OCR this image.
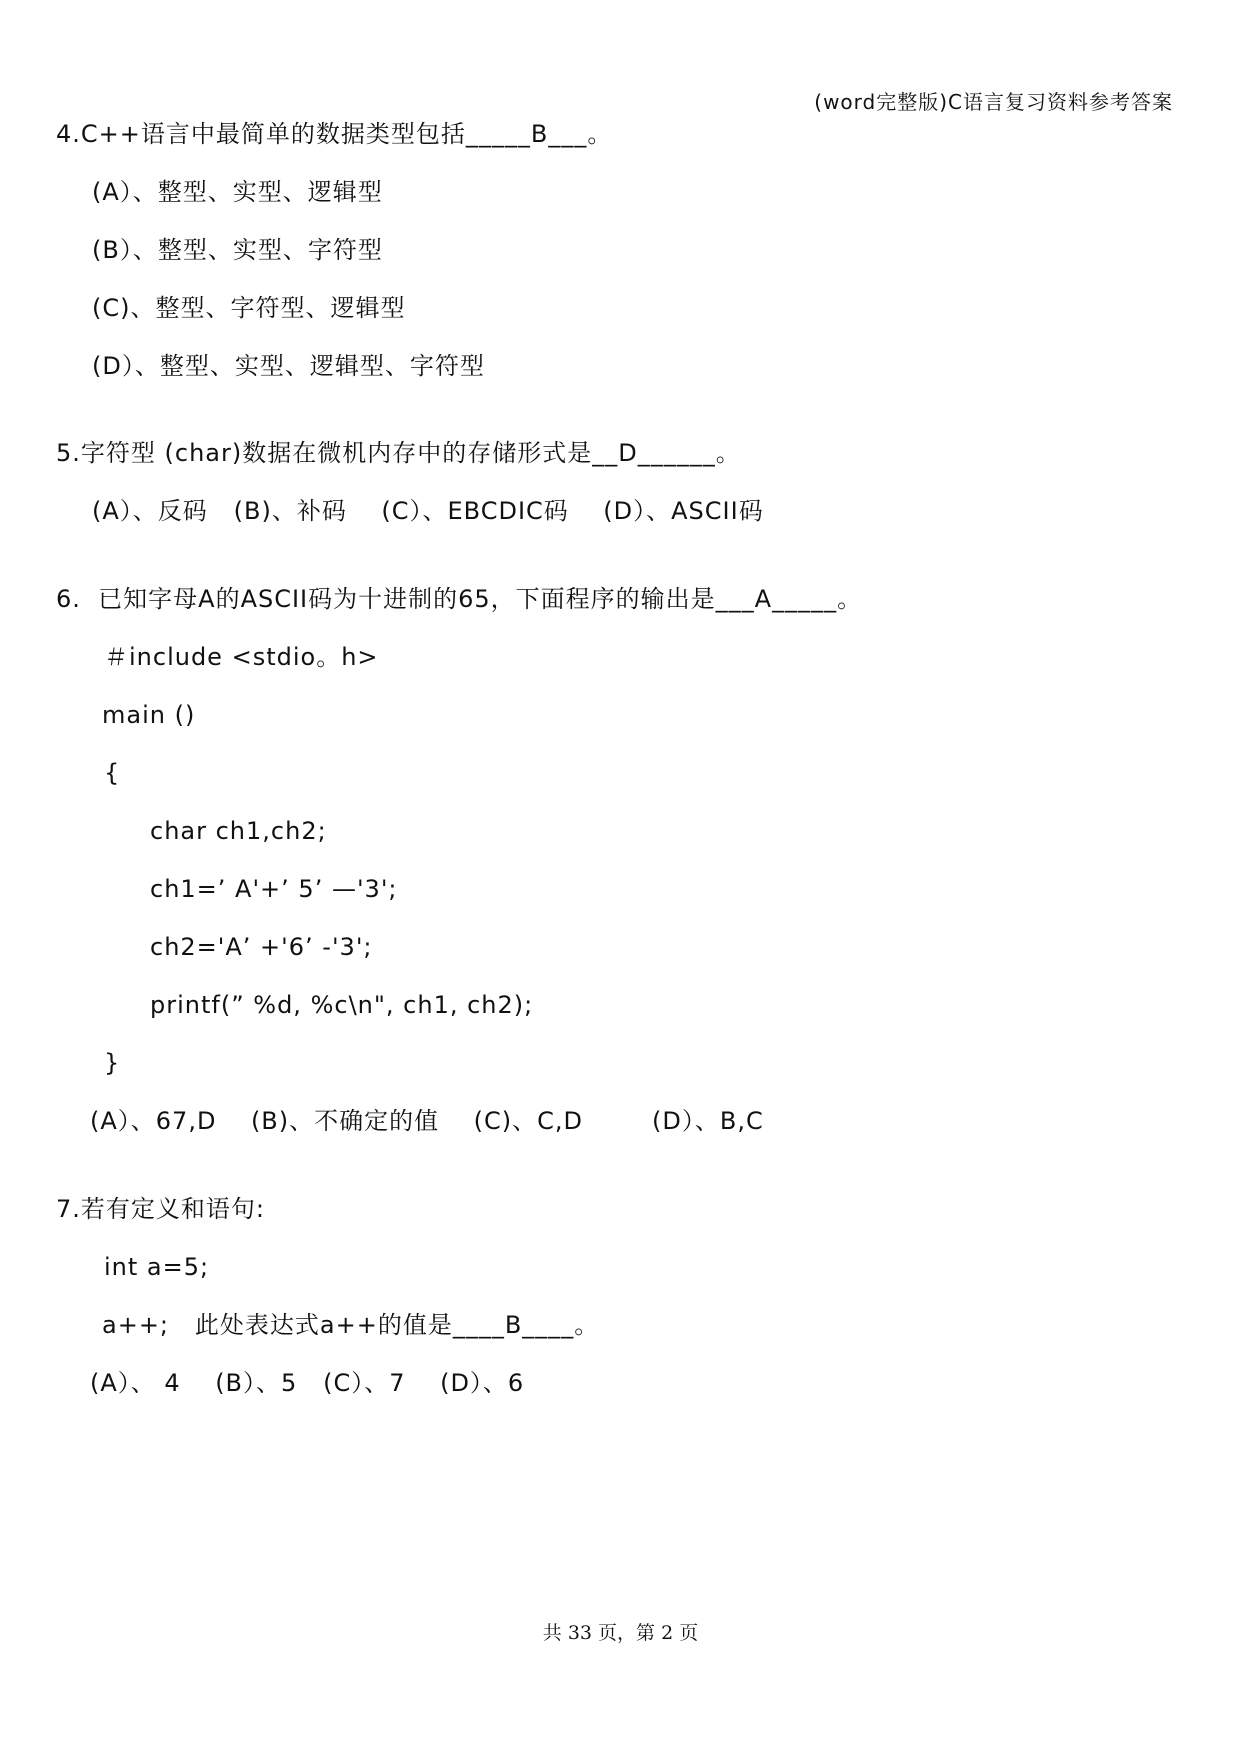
(word完整版)C语言复习资料参考答案
4.C++语言中最简单的数据类型包括_____B___。
(A）、整型、实型、逻辑型
(B）、整型、实型、字符型
(C)、整型、字符型、逻辑型
(D）、整型、实型、逻辑型、字符型
5.字符型 (char)数据在微机内存中的存储形式是__D______。
(A）、反码   (B)、补码    (C）、EBCDIC码    (D）、ASCII码
6.  已知字母A的ASCII码为十进制的65，下面程序的输出是___A_____。
＃include <stdio。h>
main ()
{
char ch1,ch2;
ch1=’ A'+’ 5’ —'3';
ch2='A’ +'6’ -'3';
printf(” %d, %c\n", ch1, ch2);
}
(A）、67,D    (B)、不确定的值    (C)、C,D        (D）、B,C
7.若有定义和语句:
int a=5;
a++;   此处表达式a++的值是____B____。
(A）、 4    (B）、5   (C）、7    (D）、6
共 33 页，第 2 页
